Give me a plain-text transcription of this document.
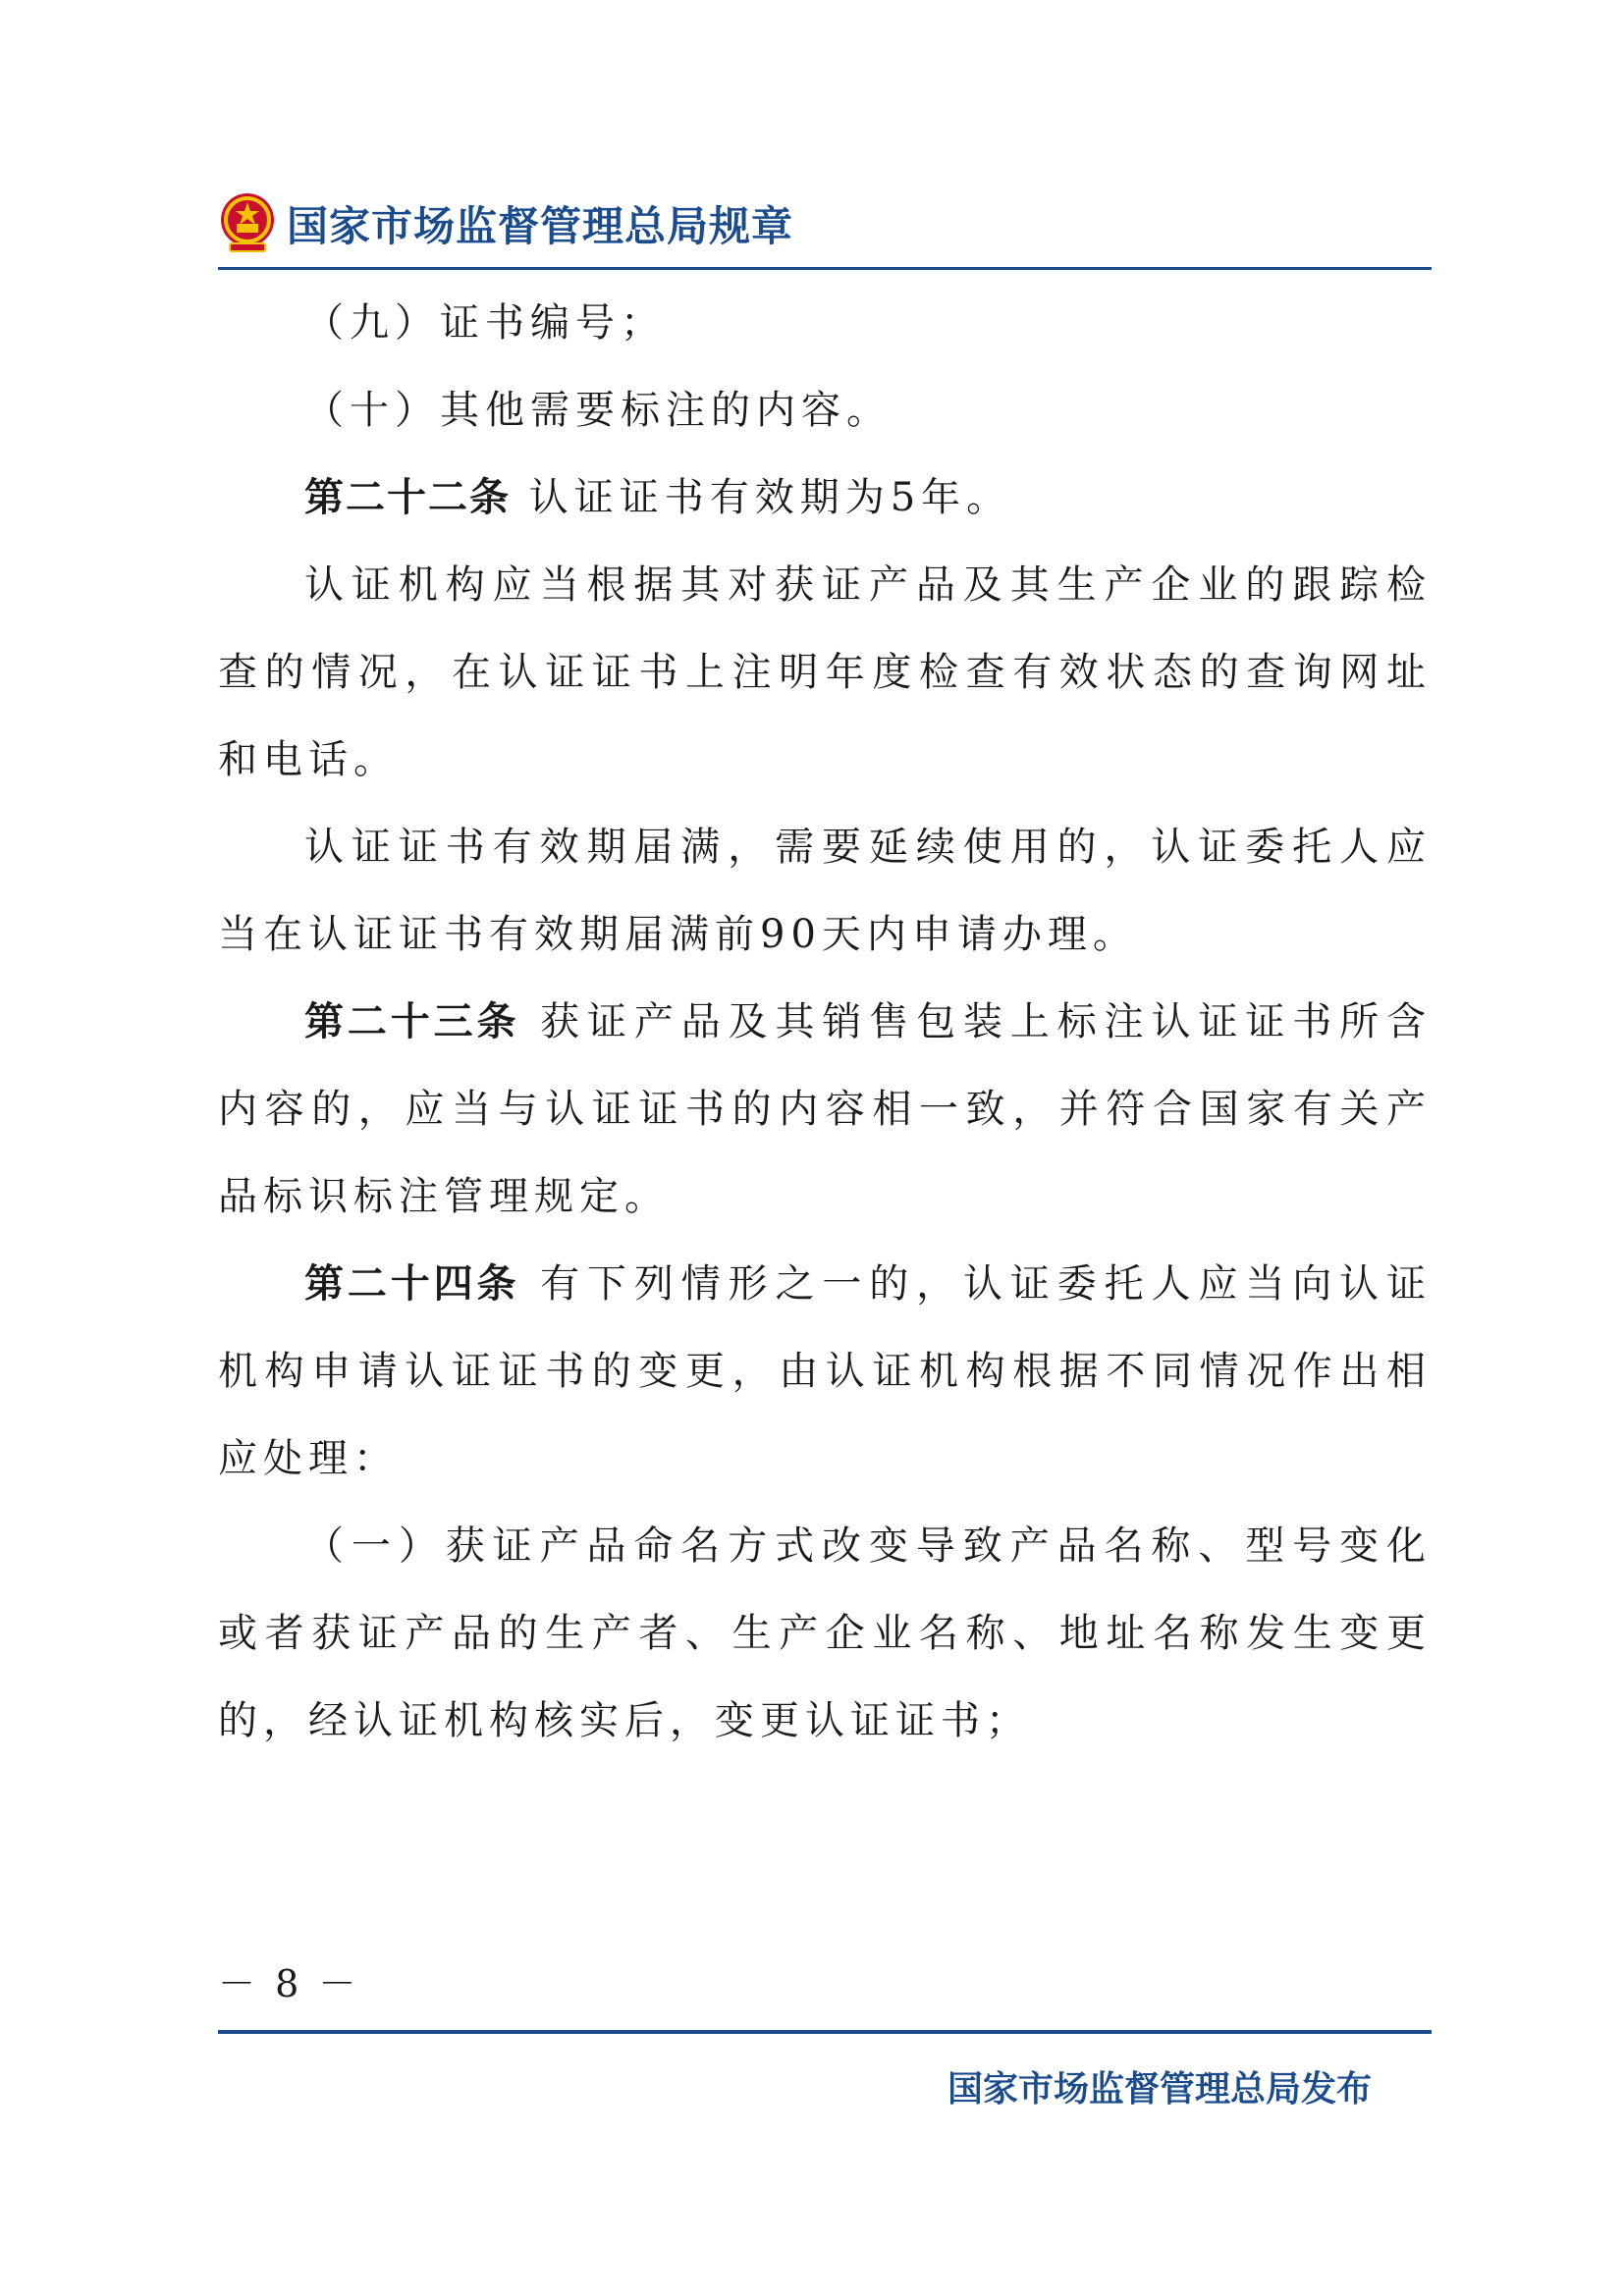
国家市场监督管理总局规章

（九）证书编号；

（十）其他需要标注的内容。

第二十二条 认证证书有效期为5年。

认证机构应当根据其对获证产品及其生产企业的跟踪检查的情况，在认证证书上注明年度检查有效状态的查询网址和电话。

认证证书有效期届满，需要延续使用的，认证委托人应当在认证证书有效期届满前90天内申请办理。

第二十三条 获证产品及其销售包装上标注认证证书所含内容的，应当与认证证书的内容相一致，并符合国家有关产品标识标注管理规定。

第二十四条 有下列情形之一的，认证委托人应当向认证机构申请认证证书的变更，由认证机构根据不同情况作出相应处理：

（一）获证产品命名方式改变导致产品名称、型号变化或者获证产品的生产者、生产企业名称、地址名称发生变更的，经认证机构核实后，变更认证证书；

－ 8 －
国家市场监督管理总局发布
